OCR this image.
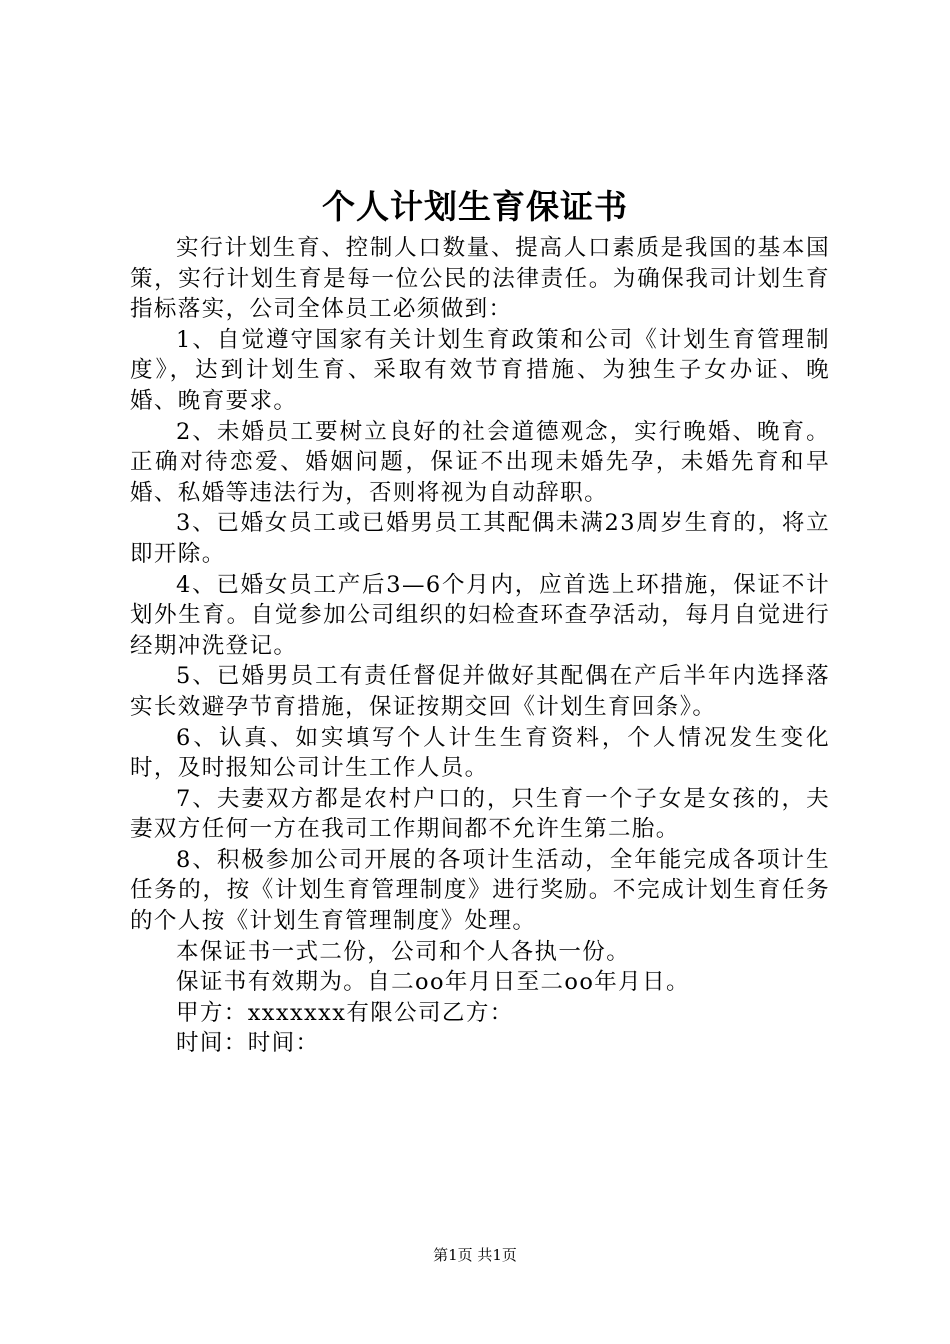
个人计划生育保证书

实行计划生育、控制人口数量、提高人口素质是我国的基本国策，实行计划生育是每一位公民的法律责任。为确保我司计划生育指标落实，公司全体员工必须做到：

1、自觉遵守国家有关计划生育政策和公司《计划生育管理制度》，达到计划生育、采取有效节育措施、为独生子女办证、晚婚、晚育要求。

2、未婚员工要树立良好的社会道德观念，实行晚婚、晚育。正确对待恋爱、婚姻问题，保证不出现未婚先孕，未婚先育和早婚、私婚等违法行为，否则将视为自动辞职。

3、已婚女员工或已婚男员工其配偶未满23周岁生育的，将立即开除。

4、已婚女员工产后3—6个月内，应首选上环措施，保证不计划外生育。自觉参加公司组织的妇检查环查孕活动，每月自觉进行经期冲洗登记。

5、已婚男员工有责任督促并做好其配偶在产后半年内选择落实长效避孕节育措施，保证按期交回《计划生育回条》。

6、认真、如实填写个人计生生育资料，个人情况发生变化时，及时报知公司计生工作人员。

7、夫妻双方都是农村户口的，只生育一个子女是女孩的，夫妻双方任何一方在我司工作期间都不允许生第二胎。

8、积极参加公司开展的各项计生活动，全年能完成各项计生任务的，按《计划生育管理制度》进行奖励。不完成计划生育任务的个人按《计划生育管理制度》处理。

本保证书一式二份，公司和个人各执一份。

保证书有效期为。自二oo年月日至二oo年月日。

甲方：xxxxxxx有限公司乙方：

时间：时间：

第1页 共1页
